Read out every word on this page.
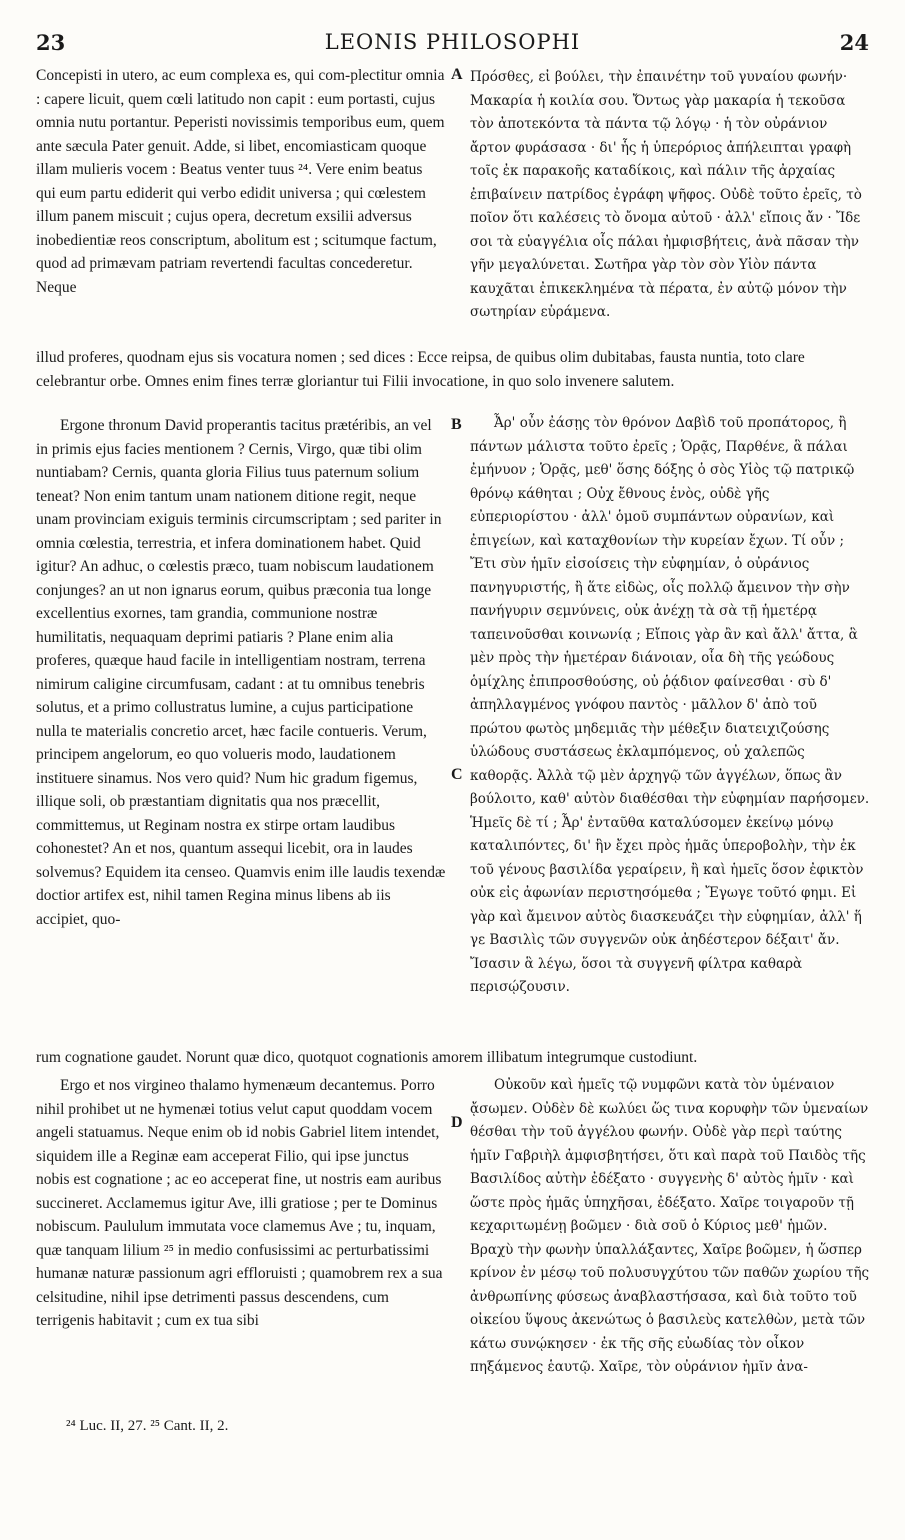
23	LEONIS PHILOSOPHI	24

Concepisti in utero, ac eum complexa es, qui com-plectitur omnia : capere licuit, quem cœli latitudo non capit : eum portasti, cujus omnia nutu portantur. Peperisti novissimis temporibus eum, quem ante sæcula Pater genuit. Adde, si libet, encomiasticam quoque illam mulieris vocem : Beatus venter tuus ²⁴. Vere enim beatus qui eum partu ediderit qui verbo edidit universa ; qui cœlestem illum panem miscuit ; cujus opera, decretum exsilii adversus inobedientiæ reos conscriptum, abolitum est ; scitumque factum, quod ad primævam patriam revertendi facultas concederetur. Neque

A Πρόσθες, εἰ βούλει, τὴν ἐπαινέτην τοῦ γυναίου φωνήν· Μακαρία ἡ κοιλία σου. Ὄντως γὰρ μακαρία ἡ τεκοῦσα τὸν ἀποτεκόντα τὰ πάντα τῷ λόγῳ · ἡ τὸν οὐράνιον ἄρτον φυράσασα · δι' ἧς ἡ ὑπερόριος ἀπήλειπται γραφὴ τοῖς ἐκ παρακοῆς καταδίκοις, καὶ πάλιν τῆς ἀρχαίας ἐπιβαίνειν πατρίδος ἐγράφη ψῆφος. Οὐδὲ τοῦτο ἐρεῖς, τὸ ποῖον ὅτι καλέσεις τὸ ὄνομα αὐτοῦ · ἀλλ' εἴποις ἄν · Ἴδε σοι τὰ εὐαγγέλια οἷς πάλαι ἠμφισβήτεις, ἀνὰ πᾶσαν τὴν γῆν μεγαλύνεται. Σωτῆρα γὰρ τὸν σὸν Υἱὸν πάντα καυχᾶται ἐπικεκλημένα τὰ πέρατα, ἐν αὐτῷ μόνον τὴν σωτηρίαν εὑράμενα.

illud proferes, quodnam ejus sis vocatura nomen ; sed dices : Ecce reipsa, de quibus olim dubitabas, fausta nuntia, toto clare celebrantur orbe. Omnes enim fines terræ gloriantur tui Filii invocatione, in quo solo invenere salutem.

Ergone thronum David properantis tacitus prætéribis, an vel in primis ejus facies mentionem ? Cernis, Virgo, quæ tibi olim nuntiabam? Cernis, quanta gloria Filius tuus paternum solium teneat? Non enim tantum unam nationem ditione regit, neque unam provinciam exiguis terminis circumscriptam ; sed pariter in omnia cœlestia, terrestria, et infera dominationem habet. Quid igitur? An adhuc, o cœlestis præco, tuam nobiscum laudationem conjunges? an ut non ignarus eorum, quibus præconia tua longe excellentius exornes, tam grandia, communione nostræ humilitatis, nequaquam deprimi patiaris ? Plane enim alia proferes, quæque haud facile in intelligentiam nostram, terrena nimirum caligine circumfusam, cadant : at tu omnibus tenebris solutus, et a primo collustratus lumine, a cujus participatione nulla te materialis concretio arcet, hæc facile contueris. Verum, principem angelorum, eo quo volueris modo, laudationem instituere sinamus. Nos vero quid? Num hic gradum figemus, illique soli, ob præstantiam dignitatis qua nos præcellit, committemus, ut Reginam nostra ex stirpe ortam laudibus cohonestet? An et nos, quantum assequi licebit, ora in laudes solvemus? Equidem ita censeo. Quamvis enim ille laudis texendæ doctior artifex est, nihil tamen Regina minus libens ab iis accipiet, quo-

B
C

Ἆρ' οὖν ἐάσῃς τὸν θρόνον Δαβὶδ τοῦ προπάτορος, ἢ πάντων μάλιστα τοῦτο ἐρεῖς ; Ὁρᾷς, Παρθένε, ἃ πάλαι ἐμήνυον ; Ὁρᾷς, μεθ' ὅσης δόξης ὁ σὸς Υἱὸς τῷ πατρικῷ θρόνῳ κάθηται ; Οὐχ ἔθνους ἑνὸς, οὐδὲ γῆς εὐπεριορίστου · ἀλλ' ὁμοῦ συμπάντων οὐρανίων, καὶ ἐπιγείων, καὶ καταχθονίων τὴν κυρείαν ἔχων. Τί οὖν ; Ἔτι σὺν ἡμῖν εἰσοίσεις τὴν εὐφημίαν, ὁ οὐράνιος πανηγυριστής, ἢ ἅτε εἰδὼς, οἷς πολλῷ ἄμεινον τὴν σὴν πανήγυριν σεμνύνεις, οὐκ ἀνέχῃ τὰ σὰ τῇ ἡμετέρᾳ ταπεινοῦσθαι κοινωνίᾳ ; Εἴποις γὰρ ἂν καὶ ἄλλ' ἄττα, ἃ μὲν πρὸς τὴν ἡμετέραν διάνοιαν, οἷα δὴ τῆς γεώδους ὁμίχλης ἐπιπροσθούσης, οὐ ῥᾴδιον φαίνεσθαι · σὺ δ' ἀπηλλαγμένος γνόφου παντὸς · μᾶλλον δ' ἀπὸ τοῦ πρώτου φωτὸς μηδεμιᾶς τὴν μέθεξιν διατειχιζούσης ὑλώδους συστάσεως ἐκλαμπόμενος, οὐ χαλεπῶς καθορᾷς. Ἀλλὰ τῷ μὲν ἀρχηγῷ τῶν ἀγγέλων, ὅπως ἂν βούλοιτο, καθ' αὐτὸν διαθέσθαι τὴν εὐφημίαν παρήσομεν. Ἡμεῖς δὲ τί ; Ἆρ' ἐνταῦθα καταλύσομεν ἐκείνῳ μόνῳ καταλιπόντες, δι' ἣν ἔχει πρὸς ἡμᾶς ὑπεροβολὴν, τὴν ἐκ τοῦ γένους βασιλίδα γεραίρειν, ἢ καὶ ἡμεῖς ὅσον ἐφικτὸν οὐκ εἰς ἀφωνίαν περιστησόμεθα ; Ἔγωγε τοῦτό φημι. Εἰ γὰρ καὶ ἄμεινον αὐτὸς διασκευάζει τὴν εὐφημίαν, ἀλλ' ἥ γε Βασιλὶς τῶν συγγενῶν οὐκ ἀηδέστερον δέξαιτ' ἄν. Ἴσασιν ἃ λέγω, ὅσοι τὰ συγγενῆ φίλτρα καθαρὰ περισῴζουσιν.

rum cognatione gaudet. Norunt quæ dico, quotquot cognationis amorem illibatum integrumque custodiunt.

Ergo et nos virgineo thalamo hymenæum decantemus. Porro nihil prohibet ut ne hymenæi totius velut caput quoddam vocem angeli statuamus. Neque enim ob id nobis Gabriel litem intendet, siquidem ille a Reginæ eam acceperat Filio, qui ipse junctus nobis est cognatione ; ac eo acceperat fine, ut nostris eam auribus succineret. Acclamemus igitur Ave, illi gratiose ; per te Dominus nobiscum. Paululum immutata voce clamemus Ave ; tu, inquam, quæ tanquam lilium ²⁵ in medio confusissimi ac perturbatissimi humanæ naturæ passionum agri effloruisti ; quamobrem rex a sua celsitudine, nihil ipse detrimenti passus descendens, cum terrigenis habitavit ; cum ex tua sibi

D

Οὐκοῦν καὶ ἡμεῖς τῷ νυμφῶνι κατὰ τὸν ὑμέναιον ᾄσωμεν. Οὐδὲν δὲ κωλύει ὥς τινα κορυφὴν τῶν ὑμεναίων θέσθαι τὴν τοῦ ἀγγέλου φωνήν. Οὐδὲ γὰρ περὶ ταύτης ἡμῖν Γαβριὴλ ἀμφισβητήσει, ὅτι καὶ παρὰ τοῦ Παιδὸς τῆς Βασιλίδος αὐτὴν ἐδέξατο · συγγενὴς δ' αὐτὸς ἡμῖν · καὶ ὥστε πρὸς ἡμᾶς ὑπηχῆσαι, ἐδέξατο. Χαῖρε τοιγαροῦν τῇ κεχαριτωμένῃ βοῶμεν · διὰ σοῦ ὁ Κύριος μεθ' ἡμῶν. Βραχὺ τὴν φωνὴν ὑπαλλάξαντες, Χαῖρε βοῶμεν, ἡ ὥσπερ κρίνον ἐν μέσῳ τοῦ πολυσυγχύτου τῶν παθῶν χωρίου τῆς ἀνθρωπίνης φύσεως ἀναβλαστήσασα, καὶ διὰ τοῦτο τοῦ οἰκείου ὕψους ἀκενώτως ὁ βασιλεὺς κατελθὼν, μετὰ τῶν κάτω συνῴκησεν · ἐκ τῆς σῆς εὐωδίας τὸν οἶκον πηξάμενος ἑαυτῷ. Χαῖρε, τὸν οὐράνιον ἡμῖν ἀνα-

²⁴ Luc. II, 27. ²⁵ Cant. II, 2.
